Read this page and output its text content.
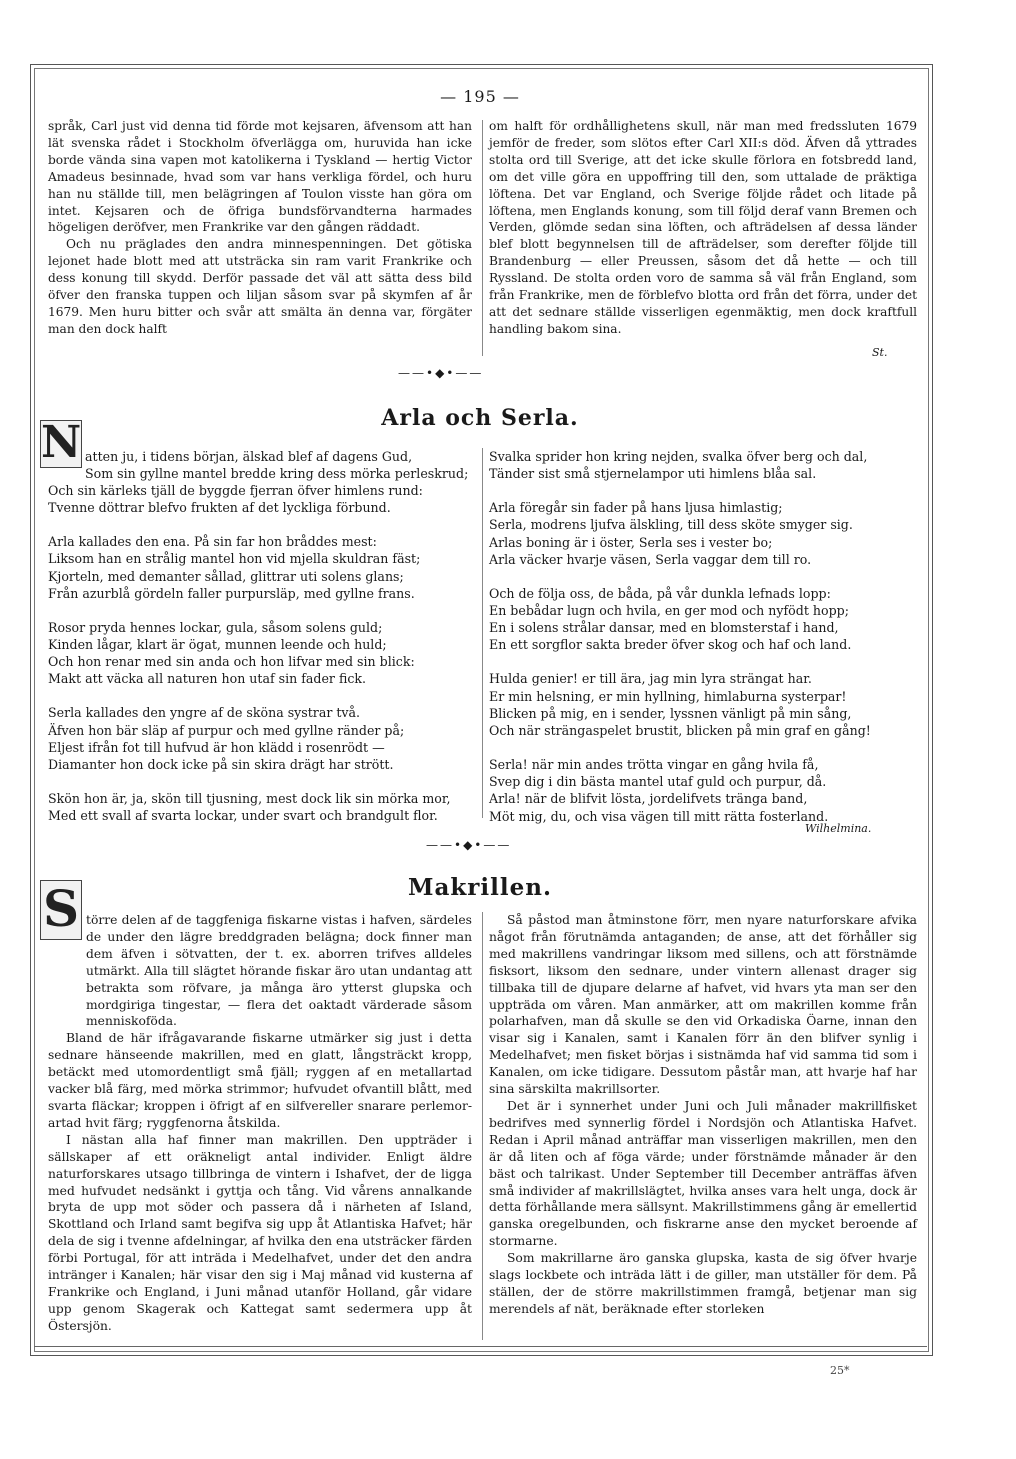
— 195 —

språk, Carl just vid denna tid förde mot kejsaren, äfvensom att han lät svenska rådet i Stockholm öfverlägga om, huruvida han icke borde vända sina vapen mot katolikerna i Tyskland — hertig Victor Amadeus besinnade, hvad som var hans verkliga fördel, och huru han nu ställde till, men belägringen af Toulon visste han göra om intet. Kejsaren och de öfriga bundsförvandterna harmades högeligen deröfver, men Frankrike var den gången räddadt.

Och nu präglades den andra minnespenningen. Det götiska lejonet hade blott med att utsträcka sin ram varit Frankrike och dess konung till skydd. Derför passade det väl att sätta dess bild öfver den franska tuppen och liljan såsom svar på skymfen af år 1679. Men huru bitter och svår att smälta än denna var, förgäter man den dock halft

om halft för ordhållighetens skull, när man med fredssluten 1679 jemför de freder, som slötos efter Carl XII:s död. Äfven då yttrades stolta ord till Sverige, att det icke skulle förlora en fotsbredd land, om det ville göra en uppoffring till den, som uttalade de präktiga löftena. Det var England, och Sverige följde rådet och litade på löftena, men Englands konung, som till följd deraf vann Bremen och Verden, glömde sedan sina löften, och afträdelsen af dessa länder blef blott begynnelsen till de afträdelser, som derefter följde till Brandenburg — eller Preussen, såsom det då hette — och till Ryssland. De stolta orden voro de samma så väl från England, som från Frankrike, men de förblefvo blotta ord från det förra, under det att det sednare ställde visserligen egenmäktig, men dock kraftfull handling bakom sina.

St.
——•◆•——
Arla och Serla.
N atten ju, i tidens början, älskad blef af dagens Gud,
Som sin gyllne mantel bredde kring dess mörka perleskrud;
Och sin kärleks tjäll de byggde fjerran öfver himlens rund:
Tvenne döttrar blefvo frukten af det lyckliga förbund.
Arla kallades den ena. På sin far hon bråddes mest:
Liksom han en strålig mantel hon vid mjella skuldran fäst;
Kjorteln, med demanter sållad, glittrar uti solens glans;
Från azurblå gördeln faller purpursläp, med gyllne frans.
Rosor pryda hennes lockar, gula, såsom solens guld;
Kinden lågar, klart är ögat, munnen leende och huld;
Och hon renar med sin anda och hon lifvar med sin blick:
Makt att väcka all naturen hon utaf sin fader fick.
Serla kallades den yngre af de sköna systrar två.
Äfven hon bär släp af purpur och med gyllne ränder på;
Eljest ifrån fot till hufvud är hon klädd i rosenrödt —
Diamanter hon dock icke på sin skira drägt har strött.
Skön hon är, ja, skön till tjusning, mest dock lik sin mörka mor,
Med ett svall af svarta lockar, under svart och brandgult flor.
Svalka sprider hon kring nejden, svalka öfver berg och dal,
Tänder sist små stjernelampor uti himlens blåa sal.
Arla föregår sin fader på hans ljusa himlastig;
Serla, modrens ljufva älskling, till dess sköte smyger sig.
Arlas boning är i öster, Serla ses i vester bo;
Arla väcker hvarje väsen, Serla vaggar dem till ro.
Och de följa oss, de båda, på vår dunkla lefnads lopp:
En bebådar lugn och hvila, en ger mod och nyfödt hopp;
En i solens strålar dansar, med en blomsterstaf i hand,
En ett sorgflor sakta breder öfver skog och haf och land.
Hulda genier! er till ära, jag min lyra strängat har.
Er min helsning, er min hyllning, himlaburna systerpar!
Blicken på mig, en i sender, lyssnen vänligt på min sång,
Och när strängaspelet brustit, blicken på min graf en gång!
Serla! när min andes trötta vingar en gång hvila få,
Svep dig i din bästa mantel utaf guld och purpur, då.
Arla! när de blifvit lösta, jordelifvets tränga band,
Möt mig, du, och visa vägen till mitt rätta fosterland.
Wilhelmina.
——•◆•——
Makrillen.
S törre delen af de taggfeniga fiskarne vistas i hafven, särdeles de under den lägre breddgraden belägna; dock finner man dem äfven i sötvatten, der t. ex. aborren trifves alldeles utmärkt. Alla till slägtet hörande fiskar äro utan undantag att betrakta som röfvare, ja många äro ytterst glupska och mordgiriga tingestar, — flera det oaktadt värderade såsom menniskoföda.

Bland de här ifrågavarande fiskarne utmärker sig just i detta sednare hänseende makrillen, med en glatt, långsträckt kropp, betäckt med utomordentligt små fjäll; ryggen af en metallartad vacker blå färg, med mörka strimmor; hufvudet ofvantill blått, med svarta fläckar; kroppen i öfrigt af en silfvereller snarare perlemor-artad hvit färg; ryggfenorna åtskilda.

I nästan alla haf finner man makrillen. Den uppträder i sällskaper af ett oräkneligt antal individer. Enligt äldre naturforskares utsago tillbringa de vintern i Ishafvet, der de ligga med hufvudet nedsänkt i gyttja och tång. Vid vårens annalkande bryta de upp mot söder och passera då i närheten af Island, Skottland och Irland samt begifva sig upp åt Atlantiska Hafvet; här dela de sig i tvenne afdelningar, af hvilka den ena utsträcker färden förbi Portugal, för att inträda i Medelhafvet, under det den andra intränger i Kanalen; här visar den sig i Maj månad vid kusterna af Frankrike och England, i Juni månad utanför Holland, går vidare upp genom Skagerak och Kattegat samt sedermera upp åt Östersjön.

Så påstod man åtminstone förr, men nyare naturforskare afvika något från förutnämda antaganden; de anse, att det förhåller sig med makrillens vandringar liksom med sillens, och att förstnämde fisksort, liksom den sednare, under vintern allenast drager sig tillbaka till de djupare delarne af hafvet, vid hvars yta man ser den uppträda om våren. Man anmärker, att om makrillen komme från polarhafven, man då skulle se den vid Orkadiska Öarne, innan den visar sig i Kanalen, samt i Kanalen förr än den blifver synlig i Medelhafvet; men fisket börjas i sistnämda haf vid samma tid som i Kanalen, om icke tidigare. Dessutom påstår man, att hvarje haf har sina särskilta makrillsorter.

Det är i synnerhet under Juni och Juli månader makrillfisket bedrifves med synnerlig fördel i Nordsjön och Atlantiska Hafvet. Redan i April månad anträffar man visserligen makrillen, men den är då liten och af föga värde; under förstnämde månader är den bäst och talrikast. Under September till December anträffas äfven små individer af makrillslägtet, hvilka anses vara helt unga, dock är detta förhållande mera sällsynt. Makrillstimmens gång är emellertid ganska oregelbunden, och fiskrarne anse den mycket beroende af stormarne.

Som makrillarne äro ganska glupska, kasta de sig öfver hvarje slags lockbete och inträda lätt i de giller, man utställer för dem. På ställen, der de större makrillstimmen framgå, betjenar man sig merendels af nät, beräknade efter storleken

25*
